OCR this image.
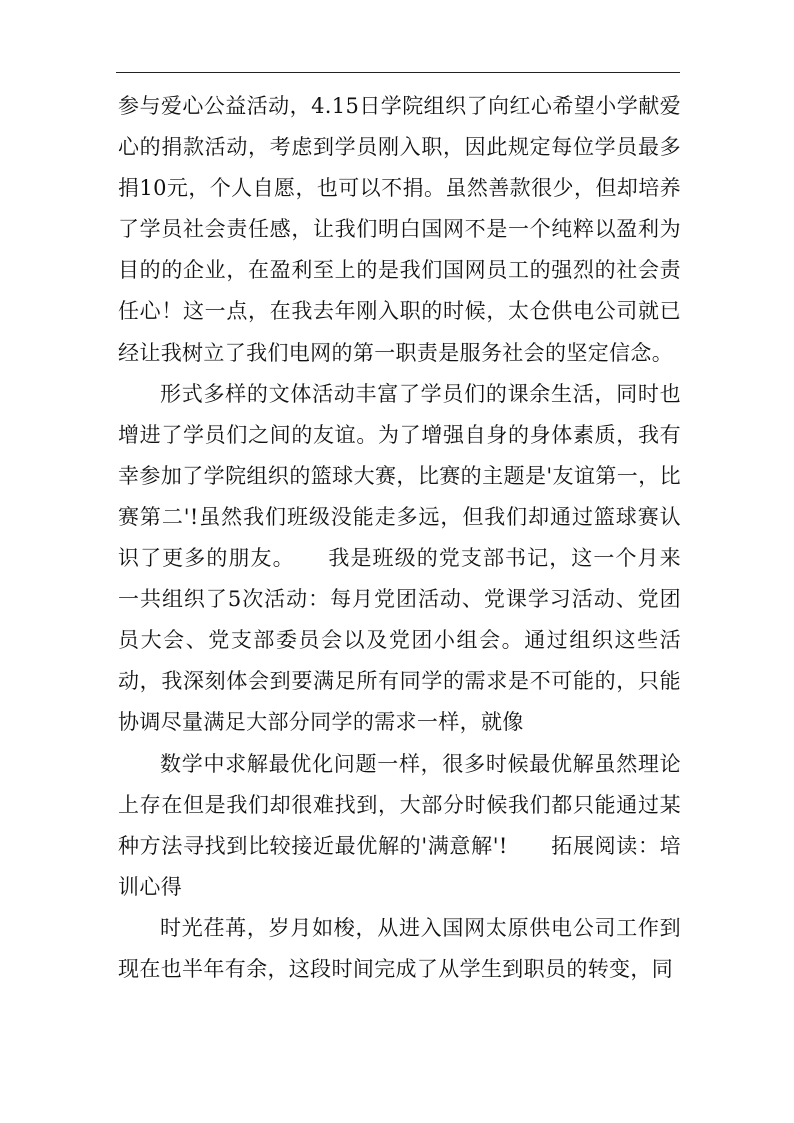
参与爱心公益活动，4.15日学院组织了向红心希望小学献爱心的捐款活动，考虑到学员刚入职，因此规定每位学员最多捐10元，个人自愿，也可以不捐。虽然善款很少，但却培养了学员社会责任感，让我们明白国网不是一个纯粹以盈利为目的的企业，在盈利至上的是我们国网员工的强烈的社会责任心！这一点，在我去年刚入职的时候，太仓供电公司就已经让我树立了我们电网的第一职责是服务社会的坚定信念。

形式多样的文体活动丰富了学员们的课余生活，同时也增进了学员们之间的友谊。为了增强自身的身体素质，我有幸参加了学院组织的篮球大赛，比赛的主题是'友谊第一，比赛第二'!虽然我们班级没能走多远，但我们却通过篮球赛认识了更多的朋友。　　我是班级的党支部书记，这一个月来一共组织了5次活动：每月党团活动、党课学习活动、党团员大会、党支部委员会以及党团小组会。通过组织这些活动，我深刻体会到要满足所有同学的需求是不可能的，只能协调尽量满足大部分同学的需求一样，就像

数学中求解最优化问题一样，很多时候最优解虽然理论上存在但是我们却很难找到，大部分时候我们都只能通过某种方法寻找到比较接近最优解的'满意解'!　　拓展阅读：培训心得

时光荏苒，岁月如梭，从进入国网太原供电公司工作到现在也半年有余，这段时间完成了从学生到职员的转变，同
